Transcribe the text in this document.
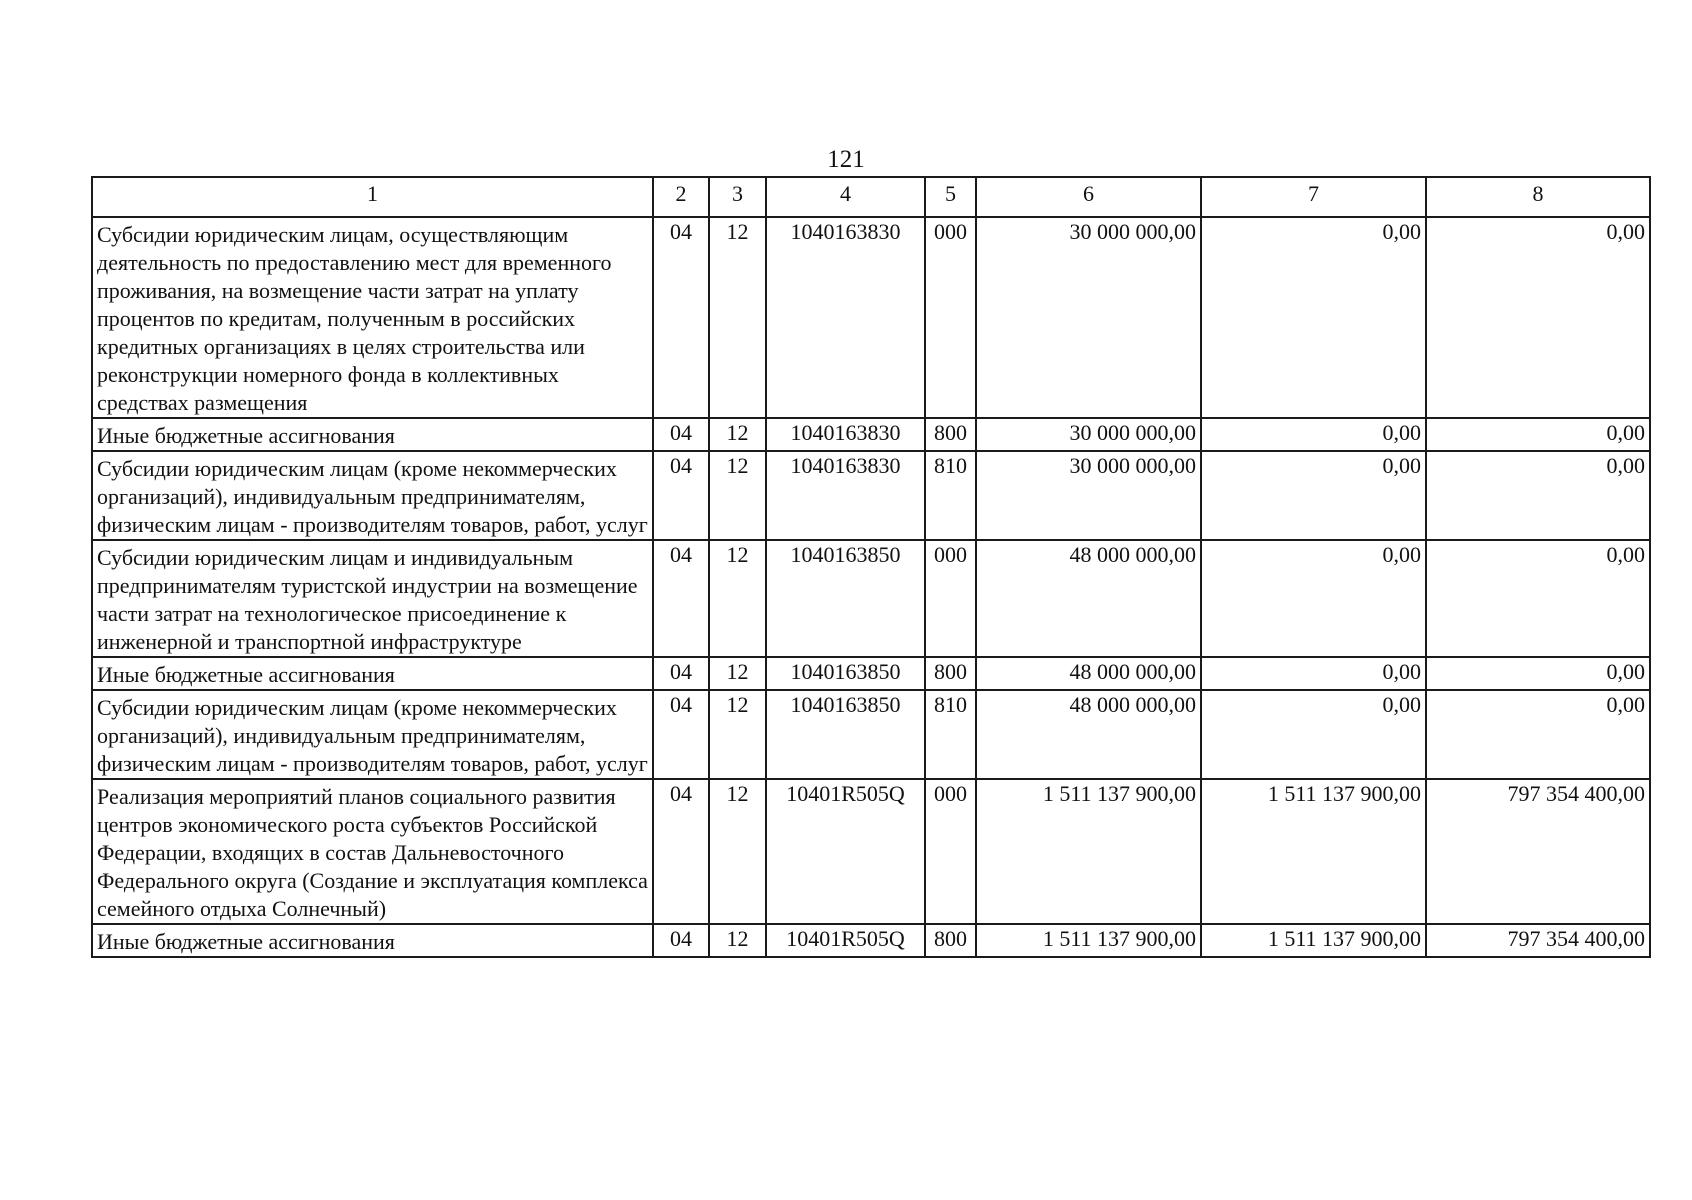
121
1	2	3	4	5	6	7	8
Субсидии юридическим лицам, осуществляющим деятельность по предоставлению мест для временного проживания, на возмещение части затрат на уплату процентов по кредитам, полученным в российских кредитных организациях в целях строительства или реконструкции номерного фонда в коллективных средствах размещения	04	12	1040163830	000	30 000 000,00	0,00	0,00
Иные бюджетные ассигнования	04	12	1040163830	800	30 000 000,00	0,00	0,00
Субсидии юридическим лицам (кроме некоммерческих организаций), индивидуальным предпринимателям, физическим лицам - производителям товаров, работ, услуг	04	12	1040163830	810	30 000 000,00	0,00	0,00
Субсидии юридическим лицам и индивидуальным предпринимателям туристской индустрии на возмещение части затрат на технологическое присоединение к инженерной и транспортной инфраструктуре	04	12	1040163850	000	48 000 000,00	0,00	0,00
Иные бюджетные ассигнования	04	12	1040163850	800	48 000 000,00	0,00	0,00
Субсидии юридическим лицам (кроме некоммерческих организаций), индивидуальным предпринимателям, физическим лицам - производителям товаров, работ, услуг	04	12	1040163850	810	48 000 000,00	0,00	0,00
Реализация мероприятий планов социального развития центров экономического роста субъектов Российской Федерации, входящих в состав Дальневосточного Федерального округа (Создание и эксплуатация комплекса семейного отдыха Солнечный)	04	12	10401R505Q	000	1 511 137 900,00	1 511 137 900,00	797 354 400,00
Иные бюджетные ассигнования	04	12	10401R505Q	800	1 511 137 900,00	1 511 137 900,00	797 354 400,00
